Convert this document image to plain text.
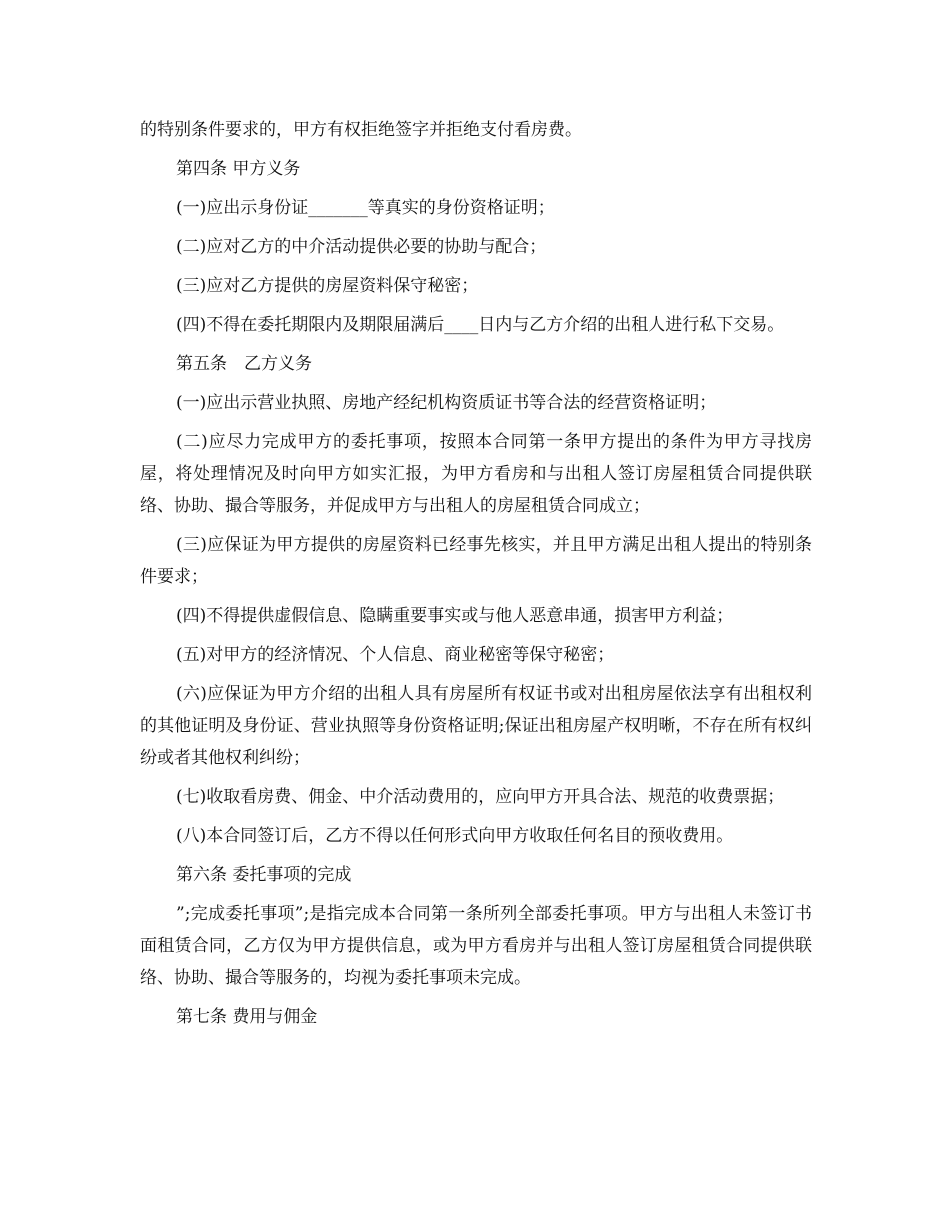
的特别条件要求的，甲方有权拒绝签字并拒绝支付看房费。

第四条 甲方义务

(一)应出示身份证_______等真实的身份资格证明；

(二)应对乙方的中介活动提供必要的协助与配合；

(三)应对乙方提供的房屋资料保守秘密；

(四)不得在委托期限内及期限届满后____日内与乙方介绍的出租人进行私下交易。

第五条　乙方义务

(一)应出示营业执照、房地产经纪机构资质证书等合法的经营资格证明；

(二)应尽力完成甲方的委托事项，按照本合同第一条甲方提出的条件为甲方寻找房屋，将处理情况及时向甲方如实汇报，为甲方看房和与出租人签订房屋租赁合同提供联络、协助、撮合等服务，并促成甲方与出租人的房屋租赁合同成立；

(三)应保证为甲方提供的房屋资料已经事先核实，并且甲方满足出租人提出的特别条件要求；

(四)不得提供虚假信息、隐瞒重要事实或与他人恶意串通，损害甲方利益；

(五)对甲方的经济情况、个人信息、商业秘密等保守秘密；

(六)应保证为甲方介绍的出租人具有房屋所有权证书或对出租房屋依法享有出租权利的其他证明及身份证、营业执照等身份资格证明;保证出租房屋产权明晰，不存在所有权纠纷或者其他权利纠纷；

(七)收取看房费、佣金、中介活动费用的，应向甲方开具合法、规范的收费票据；

(八)本合同签订后，乙方不得以任何形式向甲方收取任何名目的预收费用。

第六条 委托事项的完成

”;完成委托事项”;是指完成本合同第一条所列全部委托事项。甲方与出租人未签订书面租赁合同，乙方仅为甲方提供信息，或为甲方看房并与出租人签订房屋租赁合同提供联络、协助、撮合等服务的，均视为委托事项未完成。

第七条 费用与佣金
